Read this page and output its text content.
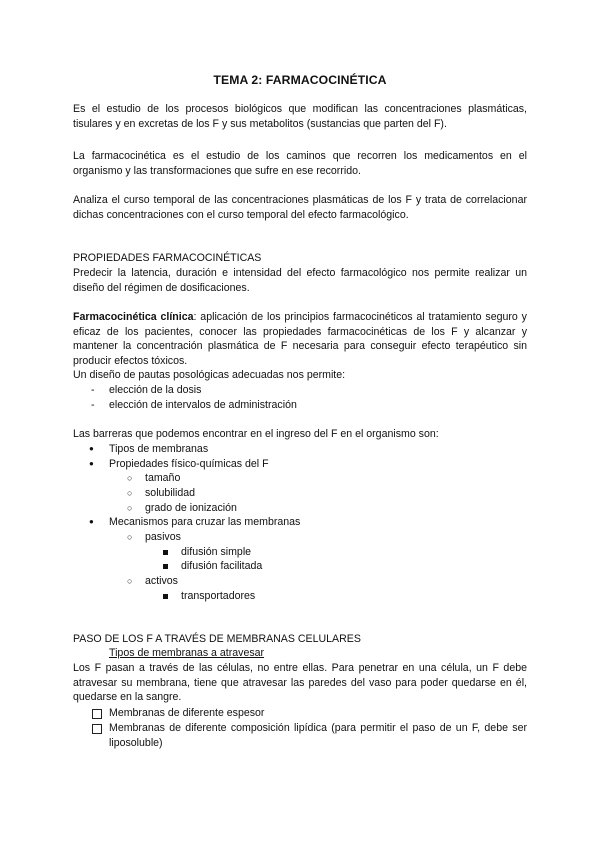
TEMA 2: FARMACOCINÉTICA

Es el estudio de los procesos biológicos que modifican las concentraciones plasmáticas, tisulares y en excretas de los F y sus metabolitos (sustancias que parten del F).

La farmacocinética es el estudio de los caminos que recorren los medicamentos en el organismo y las transformaciones que sufre en ese recorrido.

Analiza el curso temporal de las concentraciones plasmáticas de los F y trata de correlacionar dichas concentraciones con el curso temporal del efecto farmacológico.

PROPIEDADES FARMACOCINÉTICAS

Predecir la latencia, duración e intensidad del efecto farmacológico nos permite realizar un diseño del régimen de dosificaciones.

Farmacocinética clínica: aplicación de los principios farmacocinéticos al tratamiento seguro y eficaz de los pacientes, conocer las propiedades farmacocinéticas de los F y alcanzar y mantener la concentración plasmática de F necesaria para conseguir efecto terapéutico sin producir efectos tóxicos.

Un diseño de pautas posológicas adecuadas nos permite:
- elección de la dosis
- elección de intervalos de administración
Las barreras que podemos encontrar en el ingreso del F en el organismo son:
● Tipos de membranas
● Propiedades físico-químicas del F
○ tamaño
○ solubilidad
○ grado de ionización
● Mecanismos para cruzar las membranas
○ pasivos
difusión simple
difusión facilitada
○ activos
transportadores
PASO DE LOS F A TRAVÉS DE MEMBRANAS CELULARES
Tipos de membranas a atravesar

Los F pasan a través de las células, no entre ellas. Para penetrar en una célula, un F debe atravesar su membrana, tiene que atravesar las paredes del vaso para poder quedarse en él, quedarse en la sangre.

Membranas de diferente espesor

Membranas de diferente composición lipídica (para permitir el paso de un F, debe ser liposoluble)
